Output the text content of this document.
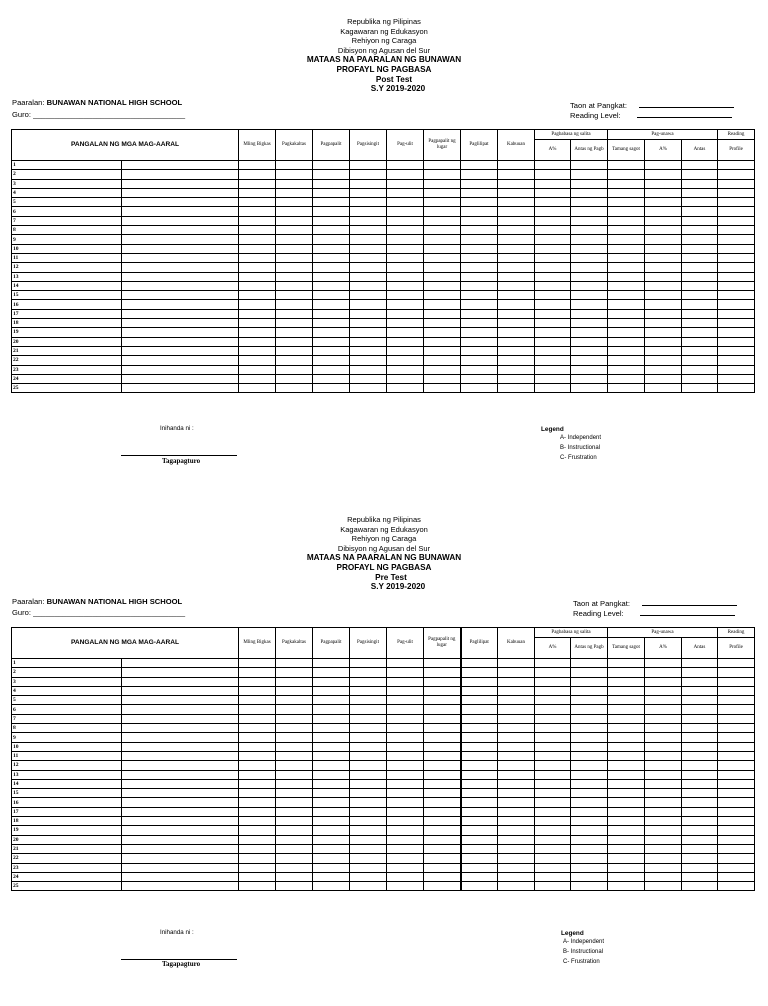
Republika ng Pilipinas
Kagawaran ng Edukasyon
Rehiyon ng Caraga
Dibisyon ng Agusan del Sur
MATAAS NA PAARALAN NG BUNAWAN
PROFAYL NG PAGBASA
Post Test
S.Y 2019-2020
Paaralan: BUNAWAN NATIONAL HIGH SCHOOL
Guro: ____________________________________
Taon at Pangkat:
Reading Level:
PANGALAN NG MGA MAG-AARAL		Mling Bigkas	Pagkakaltas	Pagpapalit	Pagsisingit	Pag-ulit	Pagpapalit ng lugar	Paglilipat	Kabuuan	Pagbabasa ng salita		Pag-unawa			Reading
										A%	Antas ng Pagb	Tamang sagot	A%	Antas	Profile
1															
2															
3															
4															
5															
6															
7															
8															
9															
10															
11															
12															
13															
14															
15															
16															
17															
18															
19															
20															
21															
22															
23															
24															
25															
Inihanda ni :
Tagapagturo
Legend
A- Independent
B- Instructional
C- Frustration
Republika ng Pilipinas
Kagawaran ng Edukasyon
Rehiyon ng Caraga
Dibisyon ng Agusan del Sur
MATAAS NA PAARALAN NG BUNAWAN
PROFAYL NG PAGBASA
Pre Test
S.Y 2019-2020
Paaralan: BUNAWAN NATIONAL HIGH SCHOOL
Guro: ____________________________________
Taon at Pangkat:
Reading Level:
PANGALAN NG MGA MAG-AARAL		Mling Bigkas	Pagkakaltas	Pagpapalit	Pagsisingit	Pag-ulit	Pagpapalit ng lugar	Paglilipat	Kabuuan	Pagbabasa ng salita		Pag-unawa			Reading
										A%	Antas ng Pagb	Tamang sagot	A%	Antas	Profile
1															
2															
3															
4															
5															
6															
7															
8															
9															
10															
11															
12															
13															
14															
15															
16															
17															
18															
19															
20															
21															
22															
23															
24															
25															
Inihanda ni :
Tagapagturo
Legend
A- Independent
B- Instructional
C- Frustration
